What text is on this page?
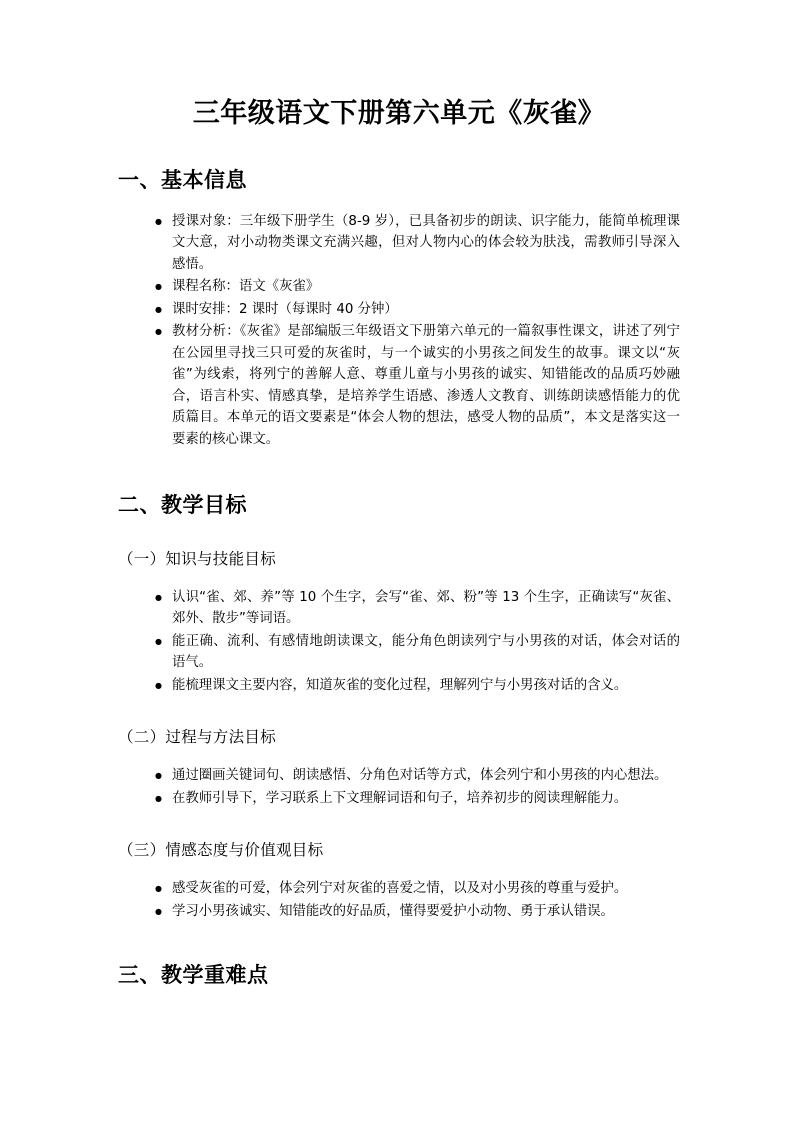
三年级语文下册第六单元《灰雀》
一、基本信息
● 授课对象：三年级下册学生（8-9 岁），已具备初步的朗读、识字能力，能简单梳理课文大意，对小动物类课文充满兴趣，但对人物内心的体会较为肤浅，需教师引导深入感悟。
● 课程名称：语文《灰雀》
● 课时安排：2 课时（每课时 40 分钟）
● 教材分析：《灰雀》是部编版三年级语文下册第六单元的一篇叙事性课文，讲述了列宁在公园里寻找三只可爱的灰雀时，与一个诚实的小男孩之间发生的故事。课文以“灰雀”为线索，将列宁的善解人意、尊重儿童与小男孩的诚实、知错能改的品质巧妙融合，语言朴实、情感真挚，是培养学生语感、渗透人文教育、训练朗读感悟能力的优质篇目。本单元的语文要素是“体会人物的想法，感受人物的品质”，本文是落实这一要素的核心课文。
二、教学目标
（一）知识与技能目标
● 认识“雀、郊、养”等 10 个生字，会写“雀、郊、粉”等 13 个生字，正确读写“灰雀、郊外、散步”等词语。
● 能正确、流利、有感情地朗读课文，能分角色朗读列宁与小男孩的对话，体会对话的语气。
● 能梳理课文主要内容，知道灰雀的变化过程，理解列宁与小男孩对话的含义。
（二）过程与方法目标
● 通过圈画关键词句、朗读感悟、分角色对话等方式，体会列宁和小男孩的内心想法。
● 在教师引导下，学习联系上下文理解词语和句子，培养初步的阅读理解能力。
（三）情感态度与价值观目标
● 感受灰雀的可爱，体会列宁对灰雀的喜爱之情，以及对小男孩的尊重与爱护。
● 学习小男孩诚实、知错能改的好品质，懂得要爱护小动物、勇于承认错误。
三、教学重难点
